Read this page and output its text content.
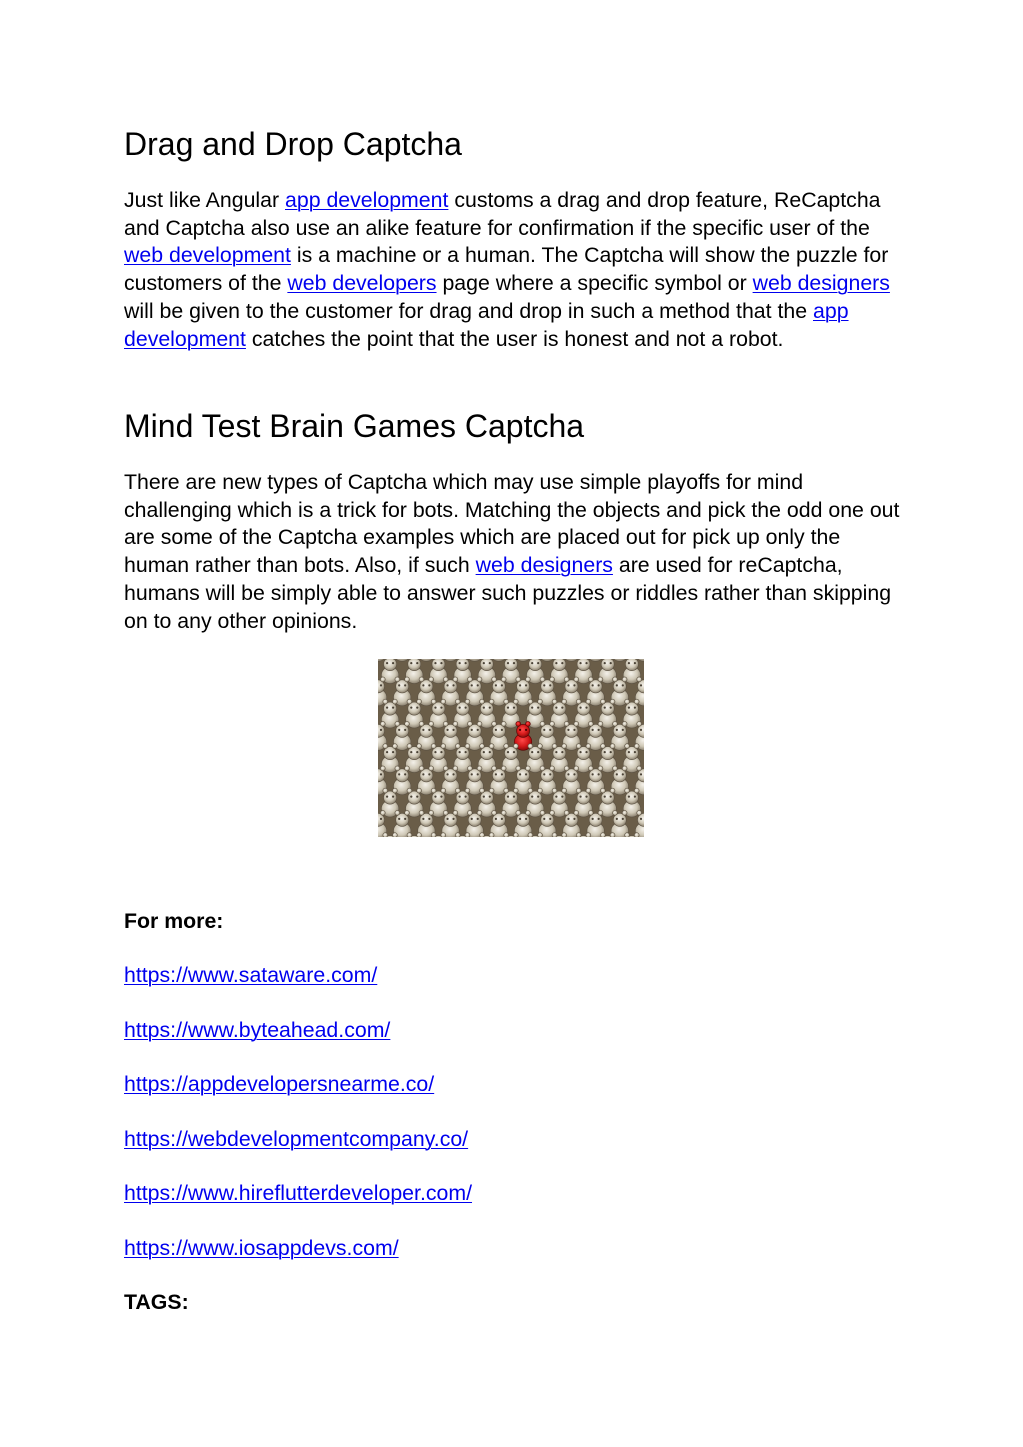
Drag and Drop Captcha

Just like Angular app development customs a drag and drop feature, ReCaptcha and Captcha also use an alike feature for confirmation if the specific user of the web development is a machine or a human. The Captcha will show the puzzle for customers of the web developers page where a specific symbol or web designers will be given to the customer for drag and drop in such a method that the app development catches the point that the user is honest and not a robot.

Mind Test Brain Games Captcha

There are new types of Captcha which may use simple playoffs for mind challenging which is a trick for bots. Matching the objects and pick the odd one out are some of the Captcha examples which are placed out for pick up only the human rather than bots. Also, if such web designers are used for reCaptcha, humans will be simply able to answer such puzzles or riddles rather than skipping on to any other opinions.

For more:
https://www.sataware.com/
https://www.byteahead.com/
https://appdevelopersnearme.co/
https://webdevelopmentcompany.co/
https://www.hireflutterdeveloper.com/
https://www.iosappdevs.com/
TAGS:
